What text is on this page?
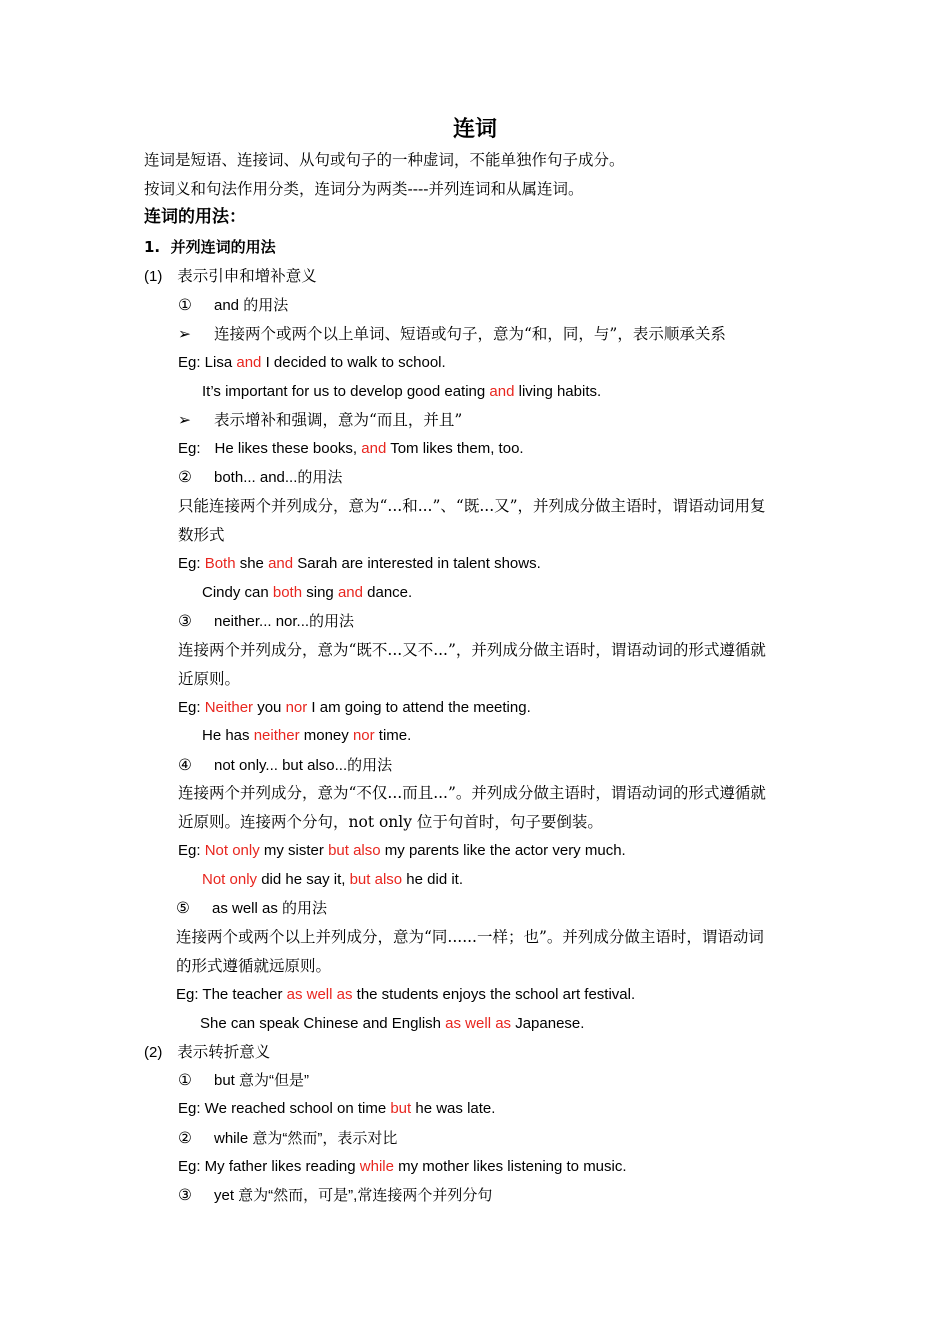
连词
连词是短语、连接词、从句或句子的一种虚词，不能单独作句子成分。
按词义和句法作用分类，连词分为两类----并列连词和从属连词。
连词的用法：
1. 并列连词的用法
(1) 表示引申和增补意义
① and 的用法
➢ 连接两个或两个以上单词、短语或句子，意为“和，同，与”，表示顺承关系
Eg: Lisa and I decided to walk to school.
It’s important for us to develop good eating and living habits.
➢ 表示增补和强调，意为“而且，并且”
Eg: He likes these books, and Tom likes them, too.
② both... and...的用法
只能连接两个并列成分，意为“...和...”、“既...又”，并列成分做主语时，谓语动词用复
数形式
Eg: Both she and Sarah are interested in talent shows.
Cindy can both sing and dance.
③ neither... nor...的用法
连接两个并列成分，意为“既不...又不...”，并列成分做主语时，谓语动词的形式遵循就
近原则。
Eg: Neither you nor I am going to attend the meeting.
He has neither money nor time.
④ not only... but also...的用法
连接两个并列成分，意为“不仅...而且...”。并列成分做主语时，谓语动词的形式遵循就
近原则。连接两个分句，not only 位于句首时，句子要倒装。
Eg: Not only my sister but also my parents like the actor very much.
Not only did he say it, but also he did it.
⑤ as well as 的用法
连接两个或两个以上并列成分，意为“同......一样；也”。并列成分做主语时，谓语动词
的形式遵循就远原则。
Eg: The teacher as well as the students enjoys the school art festival.
She can speak Chinese and English as well as Japanese.
(2) 表示转折意义
① but 意为“但是”
Eg: We reached school on time but he was late.
② while 意为“然而”，表示对比
Eg: My father likes reading while my mother likes listening to music.
③ yet 意为“然而，可是”,常连接两个并列分句
